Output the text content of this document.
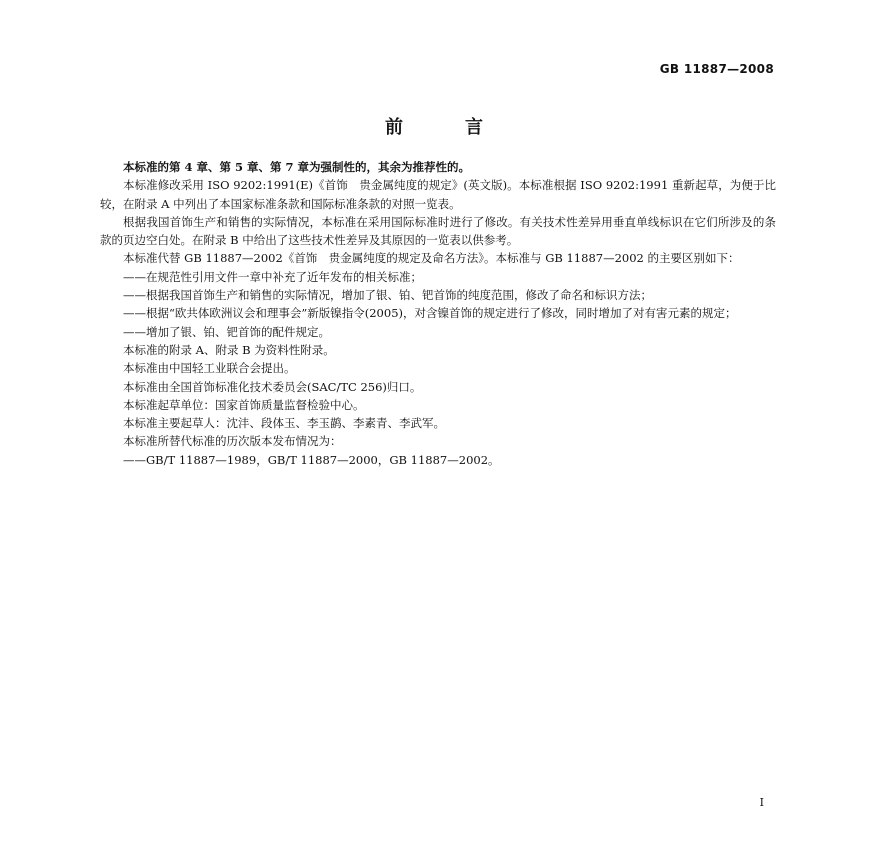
GB 11887—2008
前　言

本标准的第 4 章、第 5 章、第 7 章为强制性的，其余为推荐性的。

本标准修改采用 ISO 9202:1991(E)《首饰　贵金属纯度的规定》(英文版)。本标准根据 ISO 9202:1991 重新起草，为便于比较，在附录 A 中列出了本国家标准条款和国际标准条款的对照一览表。

根据我国首饰生产和销售的实际情况，本标准在采用国际标准时进行了修改。有关技术性差异用垂直单线标识在它们所涉及的条款的页边空白处。在附录 B 中给出了这些技术性差异及其原因的一览表以供参考。

本标准代替 GB 11887—2002《首饰　贵金属纯度的规定及命名方法》。本标准与 GB 11887—2002 的主要区别如下：

——在规范性引用文件一章中补充了近年发布的相关标准；

——根据我国首饰生产和销售的实际情况，增加了银、铂、钯首饰的纯度范围，修改了命名和标识方法；

——根据“欧共体欧洲议会和理事会”新版镍指令(2005)，对含镍首饰的规定进行了修改，同时增加了对有害元素的规定；

——增加了银、铂、钯首饰的配件规定。

本标准的附录 A、附录 B 为资料性附录。

本标准由中国轻工业联合会提出。

本标准由全国首饰标准化技术委员会(SAC/TC 256)归口。

本标准起草单位：国家首饰质量监督检验中心。

本标准主要起草人：沈沣、段体玉、李玉鹋、李素青、李武军。

本标准所替代标准的历次版本发布情况为：

——GB/T 11887—1989，GB/T 11887—2000，GB 11887—2002。

I
